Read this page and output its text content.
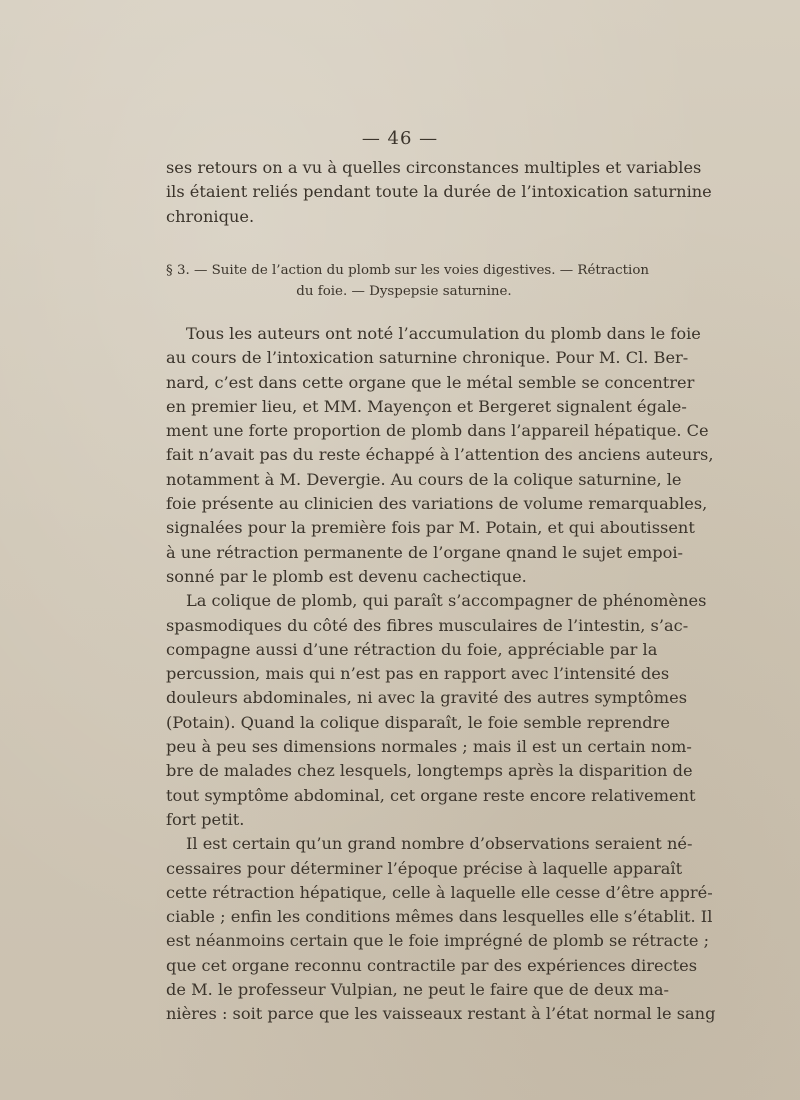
— 46 —
ses retours on a vu à quelles circonstances multiples et variables
ils étaient reliés pendant toute la durée de l’intoxication saturnine
chronique.
§ 3. — Suite de l’action du plomb sur les voies digestives. — Rétraction
du foie. — Dyspepsie saturnine.
Tous les auteurs ont noté l’accumulation du plomb dans le foie
au cours de l’intoxication saturnine chronique. Pour M. Cl. Ber-
nard, c’est dans cette organe que le métal semble se concentrer
en premier lieu, et MM. Mayençon et Bergeret signalent égale-
ment une forte proportion de plomb dans l’appareil hépatique. Ce
fait n’avait pas du reste échappé à l’attention des anciens auteurs,
notamment à M. Devergie. Au cours de la colique saturnine, le
foie présente au clinicien des variations de volume remarquables,
signalées pour la première fois par M. Potain, et qui aboutissent
à une rétraction permanente de l’organe qnand le sujet empoi-
sonné par le plomb est devenu cachectique.
La colique de plomb, qui paraît s’accompagner de phénomènes
spasmodiques du côté des fibres musculaires de l’intestin, s’ac-
compagne aussi d’une rétraction du foie, appréciable par la
percussion, mais qui n’est pas en rapport avec l’intensité des
douleurs abdominales, ni avec la gravité des autres symptômes
(Potain). Quand la colique disparaît, le foie semble reprendre
peu à peu ses dimensions normales ; mais il est un certain nom-
bre de malades chez lesquels, longtemps après la disparition de
tout symptôme abdominal, cet organe reste encore relativement
fort petit.
Il est certain qu’un grand nombre d’observations seraient né-
cessaires pour déterminer l’époque précise à laquelle apparaît
cette rétraction hépatique, celle à laquelle elle cesse d’être appré-
ciable ; enfin les conditions mêmes dans lesquelles elle s’établit. Il
est néanmoins certain que le foie imprégné de plomb se rétracte ;
que cet organe reconnu contractile par des expériences directes
de M. le professeur Vulpian, ne peut le faire que de deux ma-
nières : soit parce que les vaisseaux restant à l’état normal le sang
